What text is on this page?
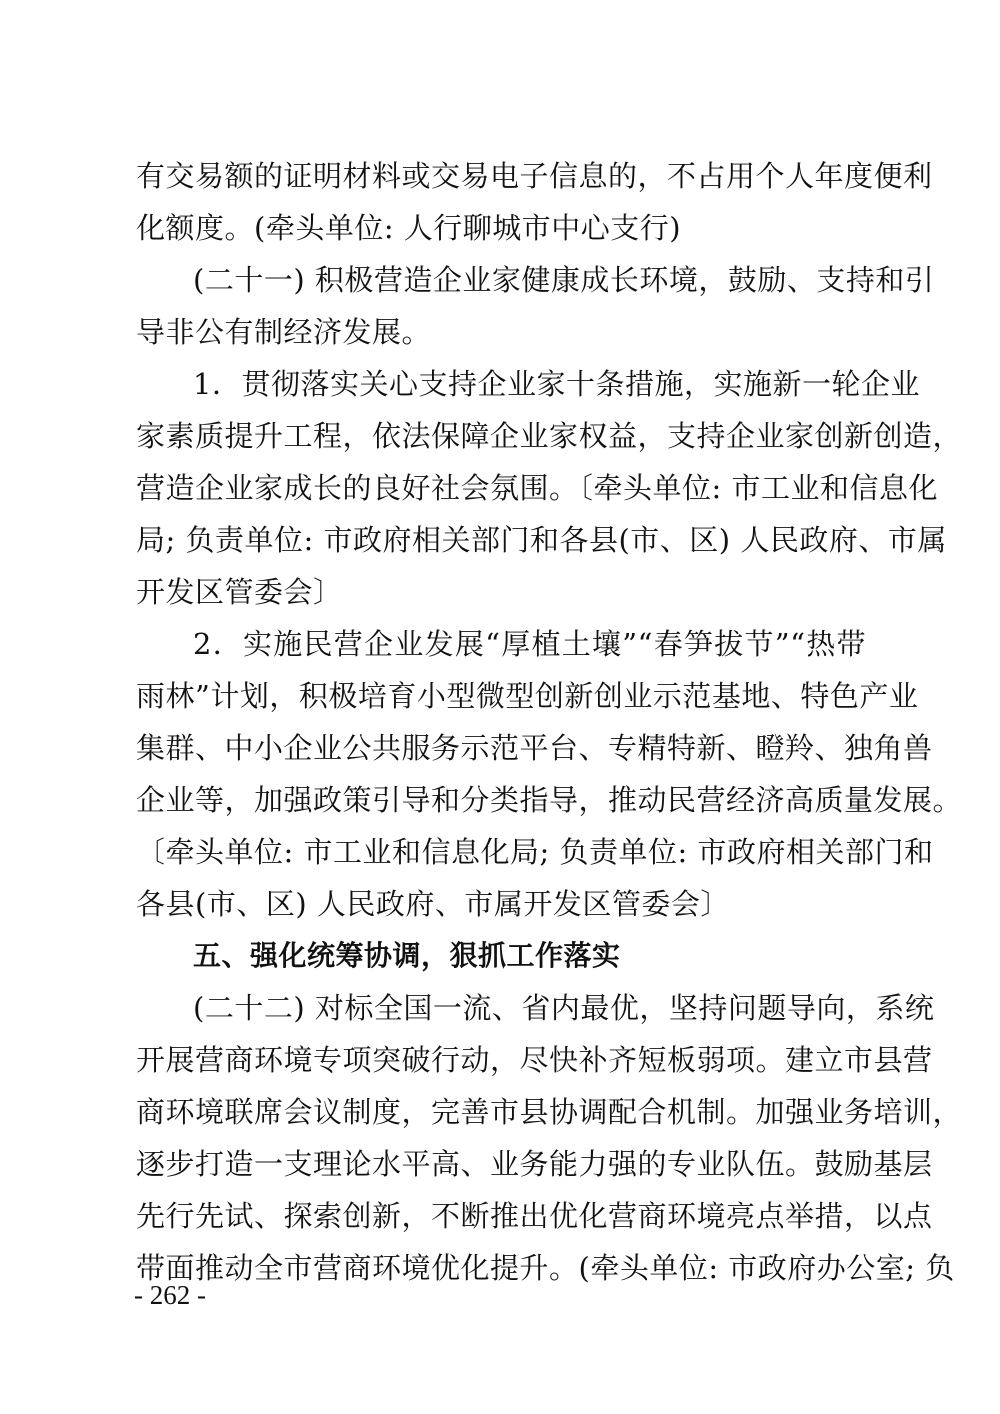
有交易额的证明材料或交易电子信息的，不占用个人年度便利
化额度。(牵头单位: 人行聊城市中心支行)
(二十一) 积极营造企业家健康成长环境，鼓励、支持和引
导非公有制经济发展。
1．贯彻落实关心支持企业家十条措施，实施新一轮企业
家素质提升工程，依法保障企业家权益，支持企业家创新创造，
营造企业家成长的良好社会氛围。〔牵头单位: 市工业和信息化
局; 负责单位: 市政府相关部门和各县(市、区) 人民政府、市属
开发区管委会〕
2．实施民营企业发展“厚植土壤”“春笋拔节”“热带
雨林”计划，积极培育小型微型创新创业示范基地、特色产业
集群、中小企业公共服务示范平台、专精特新、瞪羚、独角兽
企业等，加强政策引导和分类指导，推动民营经济高质量发展。
〔牵头单位: 市工业和信息化局; 负责单位: 市政府相关部门和
各县(市、区) 人民政府、市属开发区管委会〕
五、强化统筹协调，狠抓工作落实
(二十二) 对标全国一流、省内最优，坚持问题导向，系统
开展营商环境专项突破行动，尽快补齐短板弱项。建立市县营
商环境联席会议制度，完善市县协调配合机制。加强业务培训，
逐步打造一支理论水平高、业务能力强的专业队伍。鼓励基层
先行先试、探索创新，不断推出优化营商环境亮点举措，以点
带面推动全市营商环境优化提升。(牵头单位: 市政府办公室; 负
- 262 -
